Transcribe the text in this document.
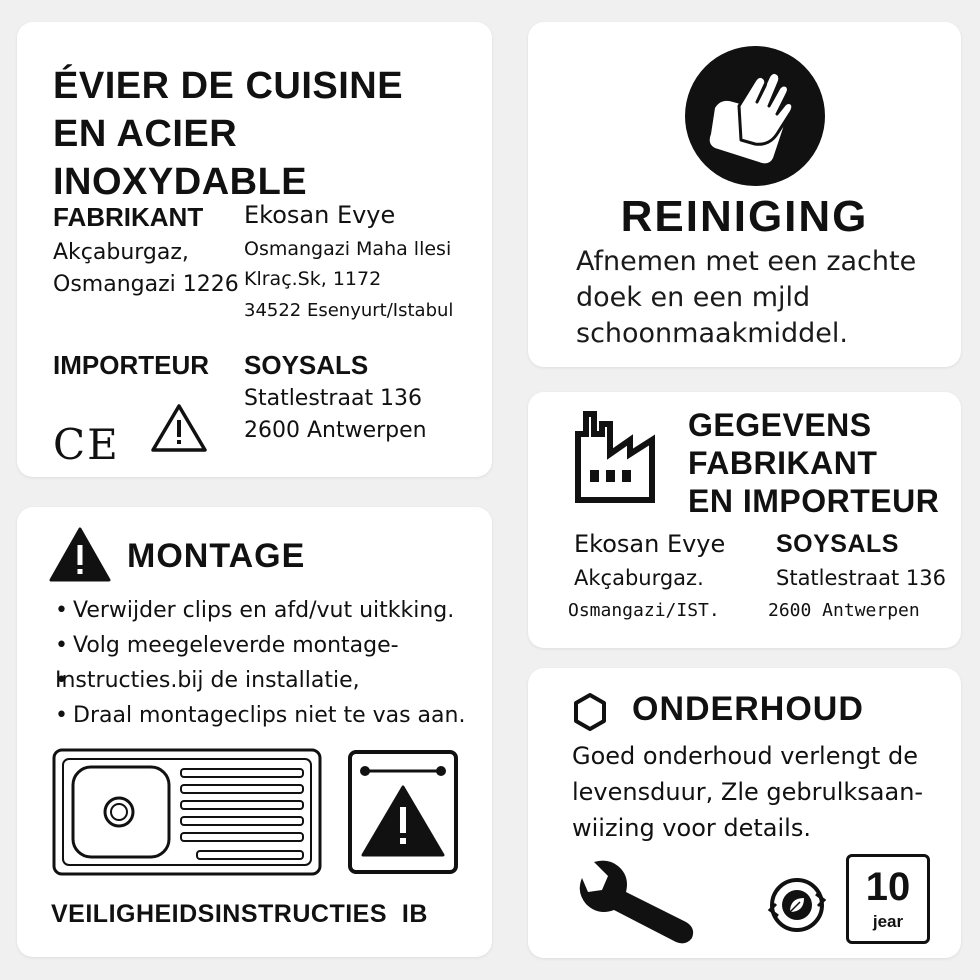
ÉVIER DE CUISINE
EN ACIER INOXYDABLE
FABRIKANT
Akçaburgaz,
Osmangazi 1226
Ekosan Evye
Osmangazi Maha llesi
Klraç.Sk, 1172
34522 Esenyurt/Istabul
IMPORTEUR SOYSALS
Statlestraat 136
2600 Antwerpen
CE
REINIGING
Afnemen met een zachte
doek en een mjld
schoonmaakmiddel.
GEGEVENS
FABRIKANT
EN IMPORTEUR
Ekosan Evye
Akçaburgaz.
Osmangazi/IST.
SOYSALS
Statlestraat 136
2600 Antwerpen
MONTAGE
• Verwijder clips en afd/vut uitkking.
• Volg meegeleverde montage-
• Instructies.bij de installatie,
• Draal montageclips niet te vas aan.
VEILIGHEIDSINSTRUCTIES  IB
ONDERHOUD
Goed onderhoud verlengt de
levensduur, Zle gebrulksaan-
wiizing voor details.
10
jear
